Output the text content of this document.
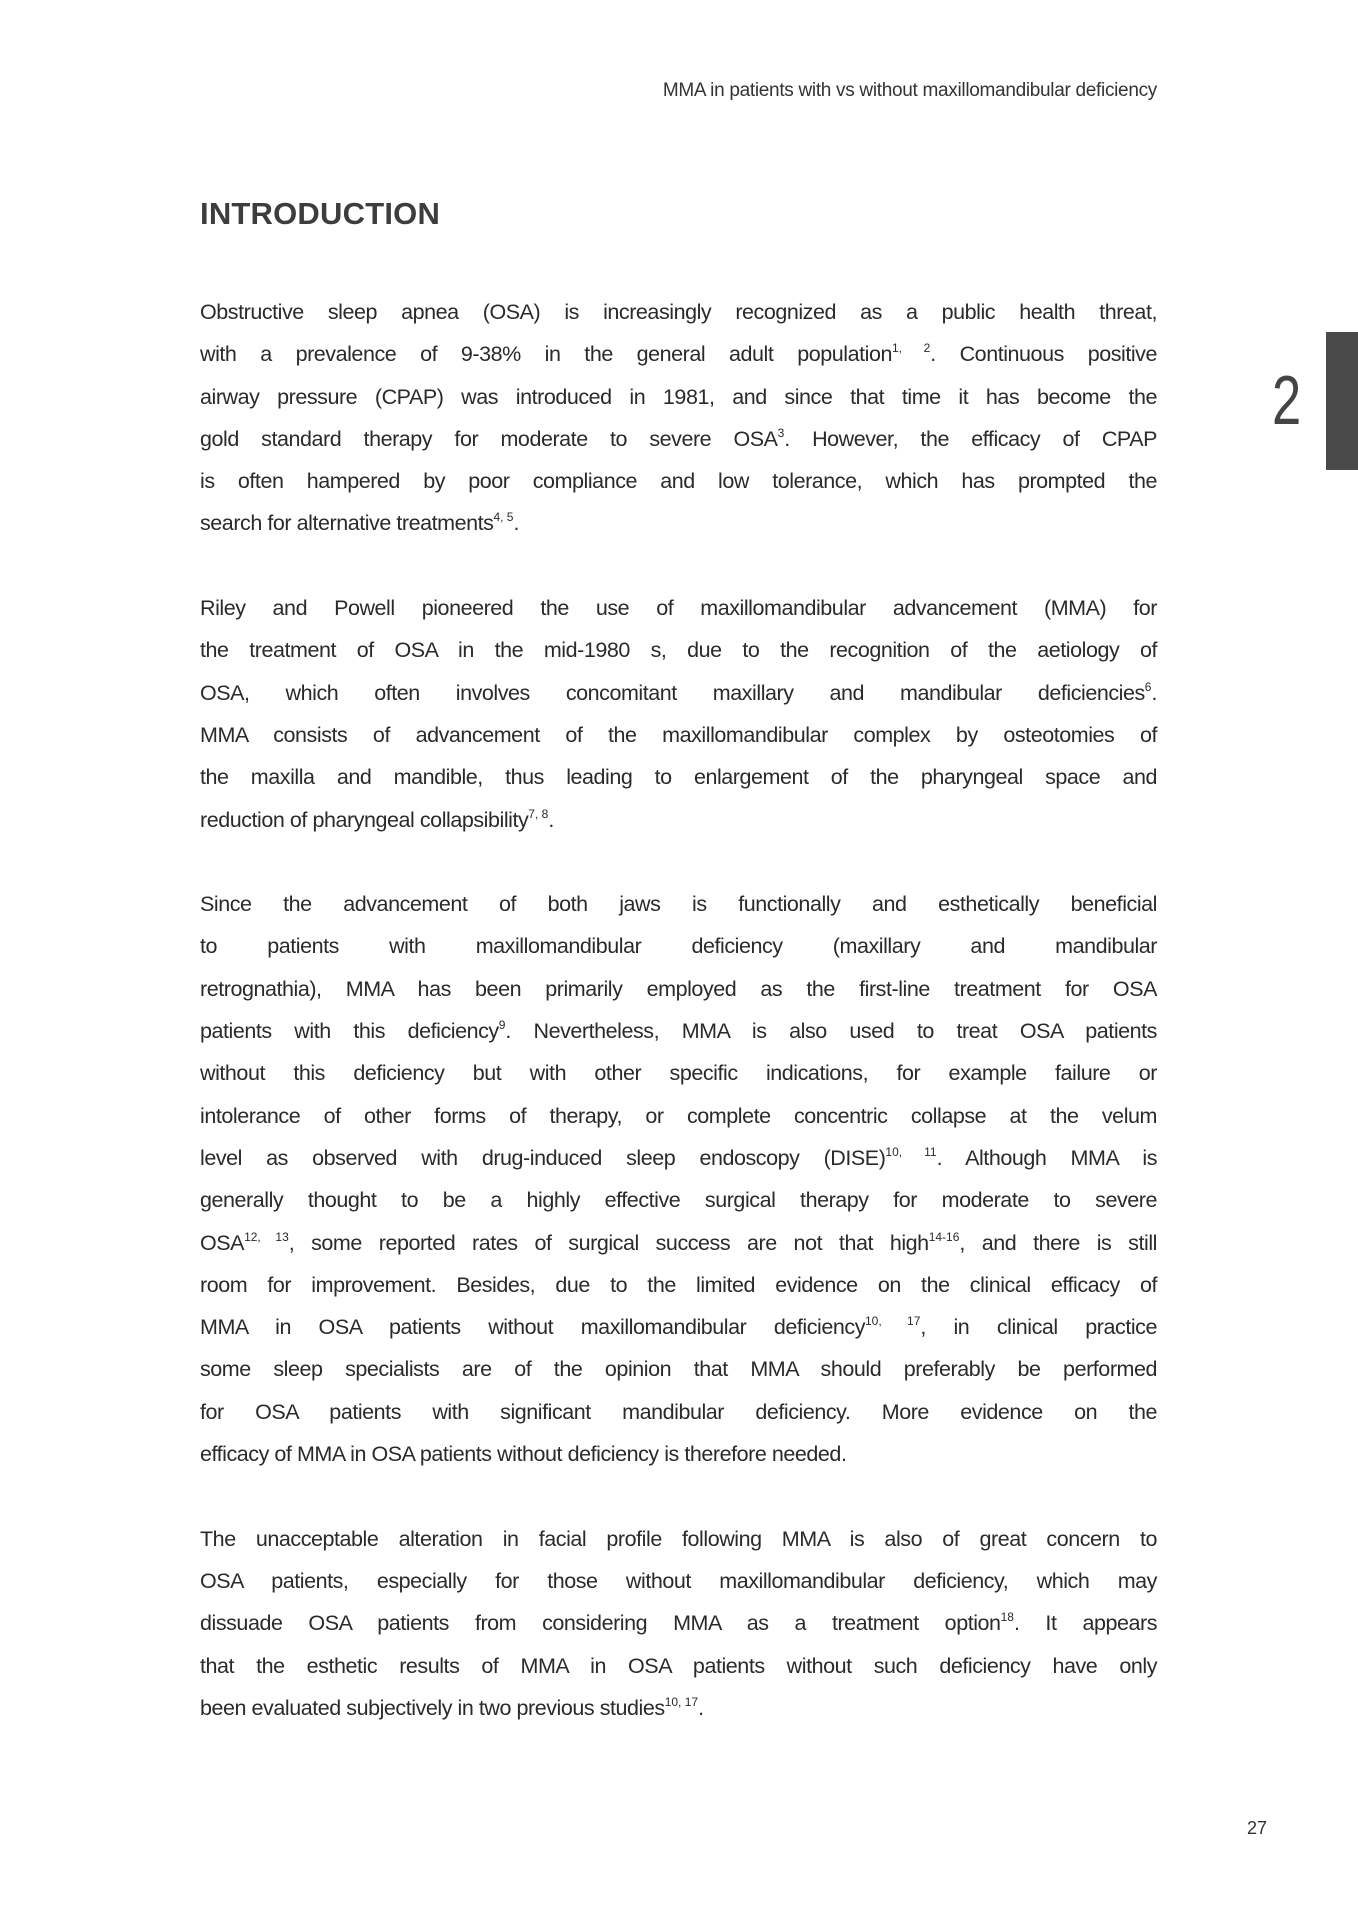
MMA in patients with vs without maxillomandibular deficiency
INTRODUCTION
Obstructive sleep apnea (OSA) is increasingly recognized as a public health threat,
with a prevalence of 9-38% in the general adult population$^{1, 2}$. Continuous positive
airway pressure (CPAP) was introduced in 1981, and since that time it has become the
gold standard therapy for moderate to severe OSA$^3$. However, the efficacy of CPAP
is often hampered by poor compliance and low tolerance, which has prompted the
search for alternative treatments$^{4, 5}$.
Riley and Powell pioneered the use of maxillomandibular advancement (MMA) for
the treatment of OSA in the mid-1980 s, due to the recognition of the aetiology of
OSA, which often involves concomitant maxillary and mandibular deficiencies$^6$.
MMA consists of advancement of the maxillomandibular complex by osteotomies of
the maxilla and mandible, thus leading to enlargement of the pharyngeal space and
reduction of pharyngeal collapsibility$^{7, 8}$.
Since the advancement of both jaws is functionally and esthetically beneficial
to patients with maxillomandibular deficiency (maxillary and mandibular
retrognathia), MMA has been primarily employed as the first-line treatment for OSA
patients with this deficiency$^9$. Nevertheless, MMA is also used to treat OSA patients
without this deficiency but with other specific indications, for example failure or
intolerance of other forms of therapy, or complete concentric collapse at the velum
level as observed with drug-induced sleep endoscopy (DISE)$^{10, 11}$. Although MMA is
generally thought to be a highly effective surgical therapy for moderate to severe
OSA$^{12, 13}$, some reported rates of surgical success are not that high$^{14-16}$, and there is still
room for improvement. Besides, due to the limited evidence on the clinical efficacy of
MMA in OSA patients without maxillomandibular deficiency$^{10, 17}$, in clinical practice
some sleep specialists are of the opinion that MMA should preferably be performed
for OSA patients with significant mandibular deficiency. More evidence on the
efficacy of MMA in OSA patients without deficiency is therefore needed.
The unacceptable alteration in facial profile following MMA is also of great concern to
OSA patients, especially for those without maxillomandibular deficiency, which may
dissuade OSA patients from considering MMA as a treatment option$^{18}$. It appears
that the esthetic results of MMA in OSA patients without such deficiency have only
been evaluated subjectively in two previous studies$^{10, 17}$.
2
27
